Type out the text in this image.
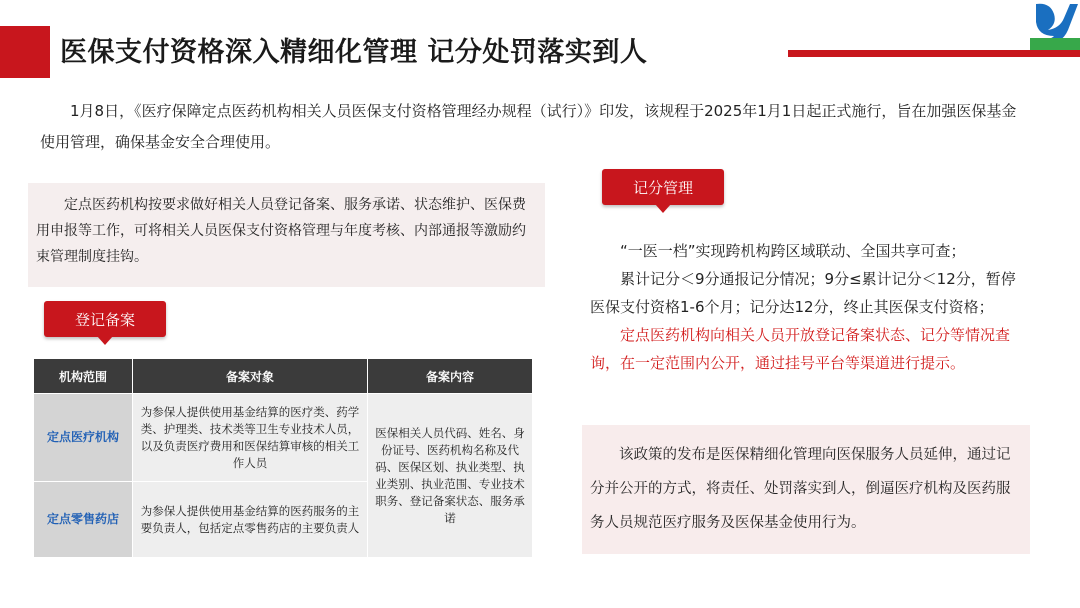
医保支付资格深入精细化管理 记分处罚落实到人
1月8日，《医疗保障定点医药机构相关人员医保支付资格管理经办规程（试行）》印发，该规程于2025年1月1日起正式施行，旨在加强医保基金使用管理，确保基金安全合理使用。
定点医药机构按要求做好相关人员登记备案、服务承诺、状态维护、医保费用申报等工作，可将相关人员医保支付资格管理与年度考核、内部通报等激励约束管理制度挂钩。
登记备案
机构范围	备案对象	备案内容
定点医疗机构	为参保人提供使用基金结算的医疗类、药学类、护理类、技术类等卫生专业技术人员，以及负责医疗费用和医保结算审核的相关工作人员	医保相关人员代码、姓名、身份证号、医药机构名称及代码、医保区划、执业类型、执业类别、执业范围、专业技术职务、登记备案状态、服务承诺
定点零售药店	为参保人提供使用基金结算的医药服务的主要负责人，包括定点零售药店的主要负责人	
记分管理

“一医一档”实现跨机构跨区域联动、全国共享可查；

累计记分＜9分通报记分情况；9分≤累计记分＜12分，暂停医保支付资格1-6个月；记分达12分，终止其医保支付资格；

定点医药机构向相关人员开放登记备案状态、记分等情况查询，在一定范围内公开，通过挂号平台等渠道进行提示。

该政策的发布是医保精细化管理向医保服务人员延伸，通过记分并公开的方式，将责任、处罚落实到人，倒逼医疗机构及医药服务人员规范医疗服务及医保基金使用行为。
